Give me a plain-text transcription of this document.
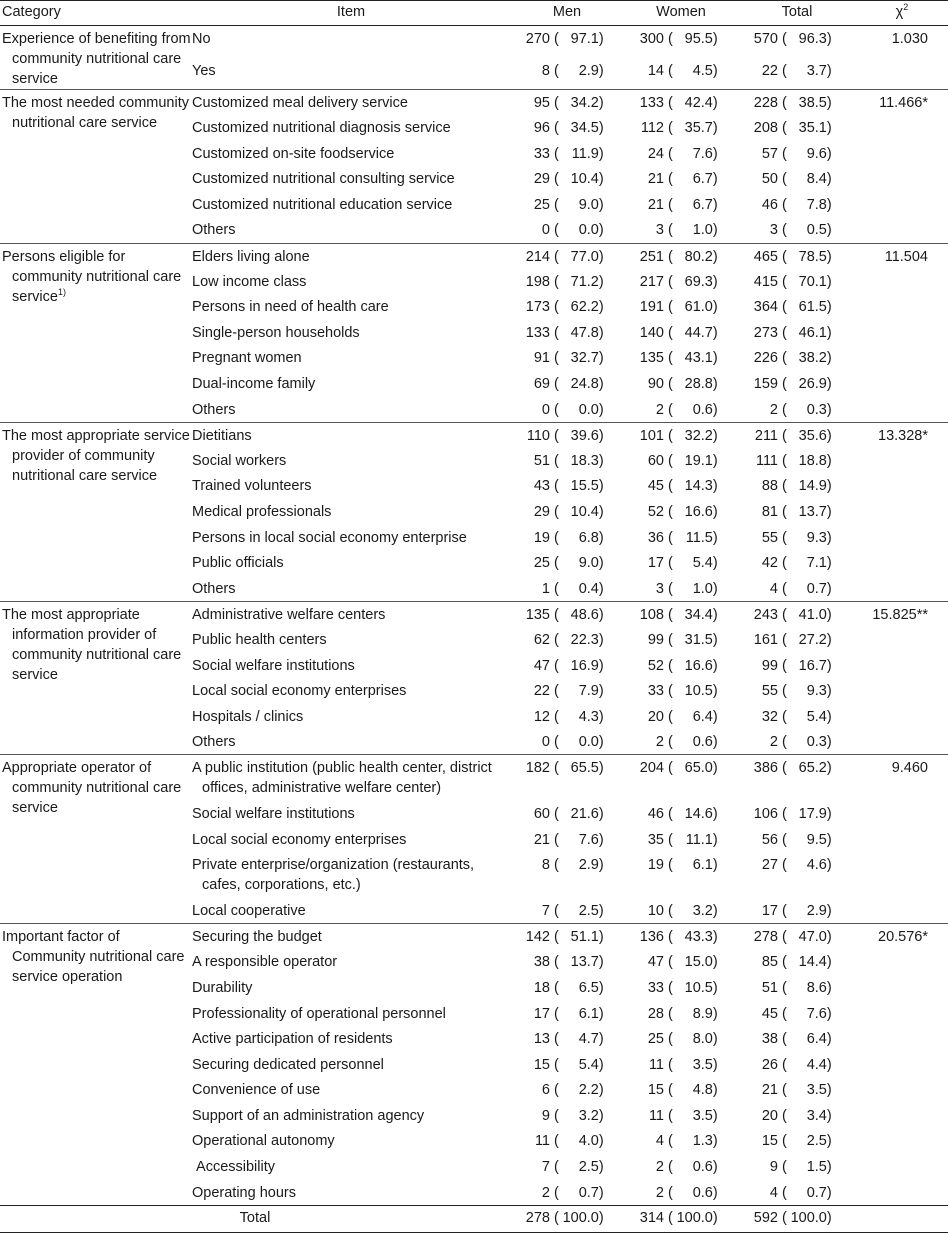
Category	Item	Men	Women	Total	$\chi^2$

Experience of benefiting from community nutritional care service	No	270 ( 97.1)	300 ( 95.5)	570 ( 96.3)	1.030

	Yes	8 ( 2.9)	14 ( 4.5)	22 ( 3.7)	

The most needed community nutritional care service	Customized meal delivery service	95 ( 34.2)	133 ( 42.4)	228 ( 38.5)	11.466*

	Customized nutritional diagnosis service	96 ( 34.5)	112 ( 35.7)	208 ( 35.1)	

	Customized on-site foodservice	33 ( 11.9)	24 ( 7.6)	57 ( 9.6)	

	Customized nutritional consulting service	29 ( 10.4)	21 ( 6.7)	50 ( 8.4)	

	Customized nutritional education service	25 ( 9.0)	21 ( 6.7)	46 ( 7.8)	

	Others	0 ( 0.0)	3 ( 1.0)	3 ( 0.5)	
Persons eligible for community nutritional care service$^{1)}$	Elders living alone	214 ( 77.0)	251 ( 80.2)	465 ( 78.5)	11.504

	Low income class	198 ( 71.2)	217 ( 69.3)	415 ( 70.1)	

	Persons in need of health care	173 ( 62.2)	191 ( 61.0)	364 ( 61.5)	

	Single-person households	133 ( 47.8)	140 ( 44.7)	273 ( 46.1)	

	Pregnant women	91 ( 32.7)	135 ( 43.1)	226 ( 38.2)	

	Dual-income family	69 ( 24.8)	90 ( 28.8)	159 ( 26.9)	

	Others	0 ( 0.0)	2 ( 0.6)	2 ( 0.3)	

The most appropriate service provider of community nutritional care service	Dietitians	110 ( 39.6)	101 ( 32.2)	211 ( 35.6)	13.328*

	Social workers	51 ( 18.3)	60 ( 19.1)	111 ( 18.8)	

	Trained volunteers	43 ( 15.5)	45 ( 14.3)	88 ( 14.9)	

	Medical professionals	29 ( 10.4)	52 ( 16.6)	81 ( 13.7)	

	Persons in local social economy enterprise	19 ( 6.8)	36 ( 11.5)	55 ( 9.3)	

	Public officials	25 ( 9.0)	17 ( 5.4)	42 ( 7.1)	

	Others	1 ( 0.4)	3 ( 1.0)	4 ( 0.7)	

The most appropriate information provider of community nutritional care service	Administrative welfare centers	135 ( 48.6)	108 ( 34.4)	243 ( 41.0)	15.825**

	Public health centers	62 ( 22.3)	99 ( 31.5)	161 ( 27.2)	

	Social welfare institutions	47 ( 16.9)	52 ( 16.6)	99 ( 16.7)	

	Local social economy enterprises	22 ( 7.9)	33 ( 10.5)	55 ( 9.3)	

	Hospitals / clinics	12 ( 4.3)	20 ( 6.4)	32 ( 5.4)	

	Others	0 ( 0.0)	2 ( 0.6)	2 ( 0.3)	

Appropriate operator of community nutritional care service	A public institution (public health center, district offices, administrative welfare center)	182 ( 65.5)	204 ( 65.0)	386 ( 65.2)	9.460

	Social welfare institutions	60 ( 21.6)	46 ( 14.6)	106 ( 17.9)	

	Local social economy enterprises	21 ( 7.6)	35 ( 11.1)	56 ( 9.5)	

	Private enterprise/organization (restaurants, cafes, corporations, etc.)	8 ( 2.9)	19 ( 6.1)	27 ( 4.6)	

	Local cooperative	7 ( 2.5)	10 ( 3.2)	17 ( 2.9)	

Important factor of Community nutritional care service operation	Securing the budget	142 ( 51.1)	136 ( 43.3)	278 ( 47.0)	20.576*

	A responsible operator	38 ( 13.7)	47 ( 15.0)	85 ( 14.4)	

	Durability	18 ( 6.5)	33 ( 10.5)	51 ( 8.6)	

	Professionality of operational personnel	17 ( 6.1)	28 ( 8.9)	45 ( 7.6)	

	Active participation of residents	13 ( 4.7)	25 ( 8.0)	38 ( 6.4)	

	Securing dedicated personnel	15 ( 5.4)	11 ( 3.5)	26 ( 4.4)	

	Convenience of use	6 ( 2.2)	15 ( 4.8)	21 ( 3.5)	

	Support of an administration agency	9 ( 3.2)	11 ( 3.5)	20 ( 3.4)	

	Operational autonomy	11 ( 4.0)	4 ( 1.3)	15 ( 2.5)	

	Accessibility	7 ( 2.5)	2 ( 0.6)	9 ( 1.5)	

	Operating hours	2 ( 0.7)	2 ( 0.6)	4 ( 0.7)	
Total		278 ( 100.0)	314 ( 100.0)	592 ( 100.0)	
